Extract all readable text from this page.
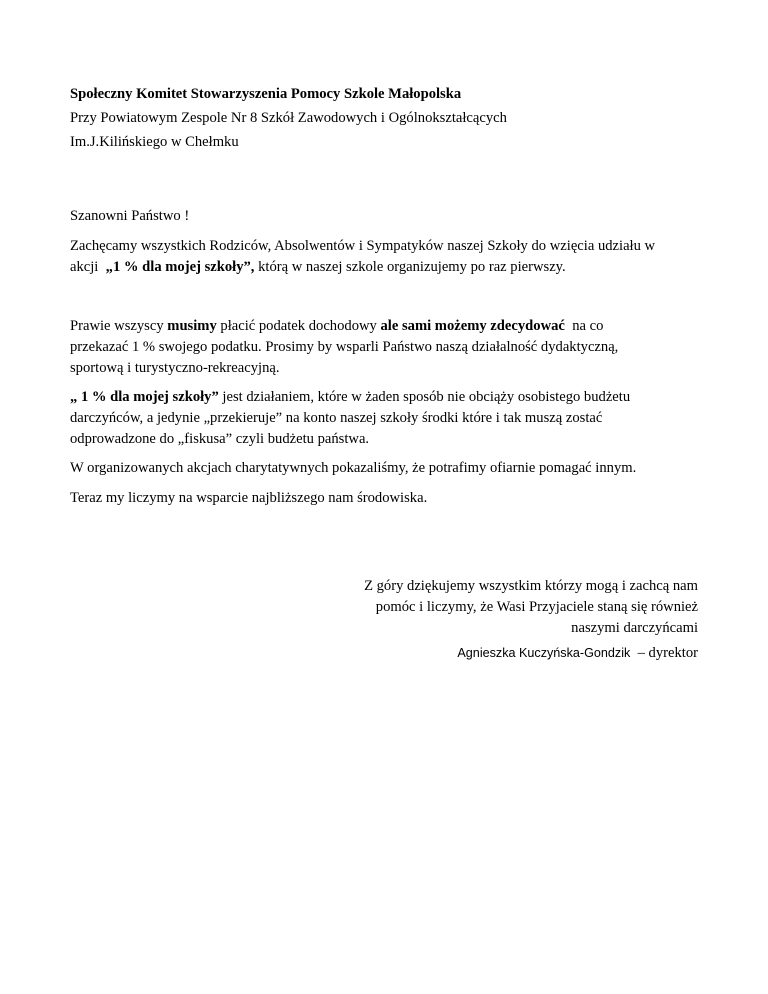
Społeczny Komitet Stowarzyszenia Pomocy Szkole Małopolska

Przy Powiatowym Zespole Nr 8 Szkół Zawodowych i Ogólnokształcących

Im.J.Kilińskiego w Chełmku

Szanowni Państwo !

Zachęcamy wszystkich Rodziców, Absolwentów i Sympatyków naszej Szkoły do wzięcia udziału w

akcji  „1 % dla mojej szkoły”, którą w naszej szkole organizujemy po raz pierwszy.

Prawie wszyscy musimy płacić podatek dochodowy ale sami możemy zdecydować  na co

przekazać 1 % swojego podatku. Prosimy by wsparli Państwo naszą działalność dydaktyczną,

sportową i turystyczno-rekreacyjną.

„ 1 % dla mojej szkoły” jest działaniem, które w żaden sposób nie obciąży osobistego budżetu

darczyńców, a jedynie „przekieruje” na konto naszej szkoły środki które i tak muszą zostać

odprowadzone do „fiskusa” czyli budżetu państwa.

W organizowanych akcjach charytatywnych pokazaliśmy, że potrafimy ofiarnie pomagać innym.

Teraz my liczymy na wsparcie najbliższego nam środowiska.

Z góry dziękujemy wszystkim którzy mogą i zachcą nam

pomóc i liczymy, że Wasi Przyjaciele staną się również

naszymi darczyńcami

Agnieszka Kuczyńska-Gondzik  – dyrektor
